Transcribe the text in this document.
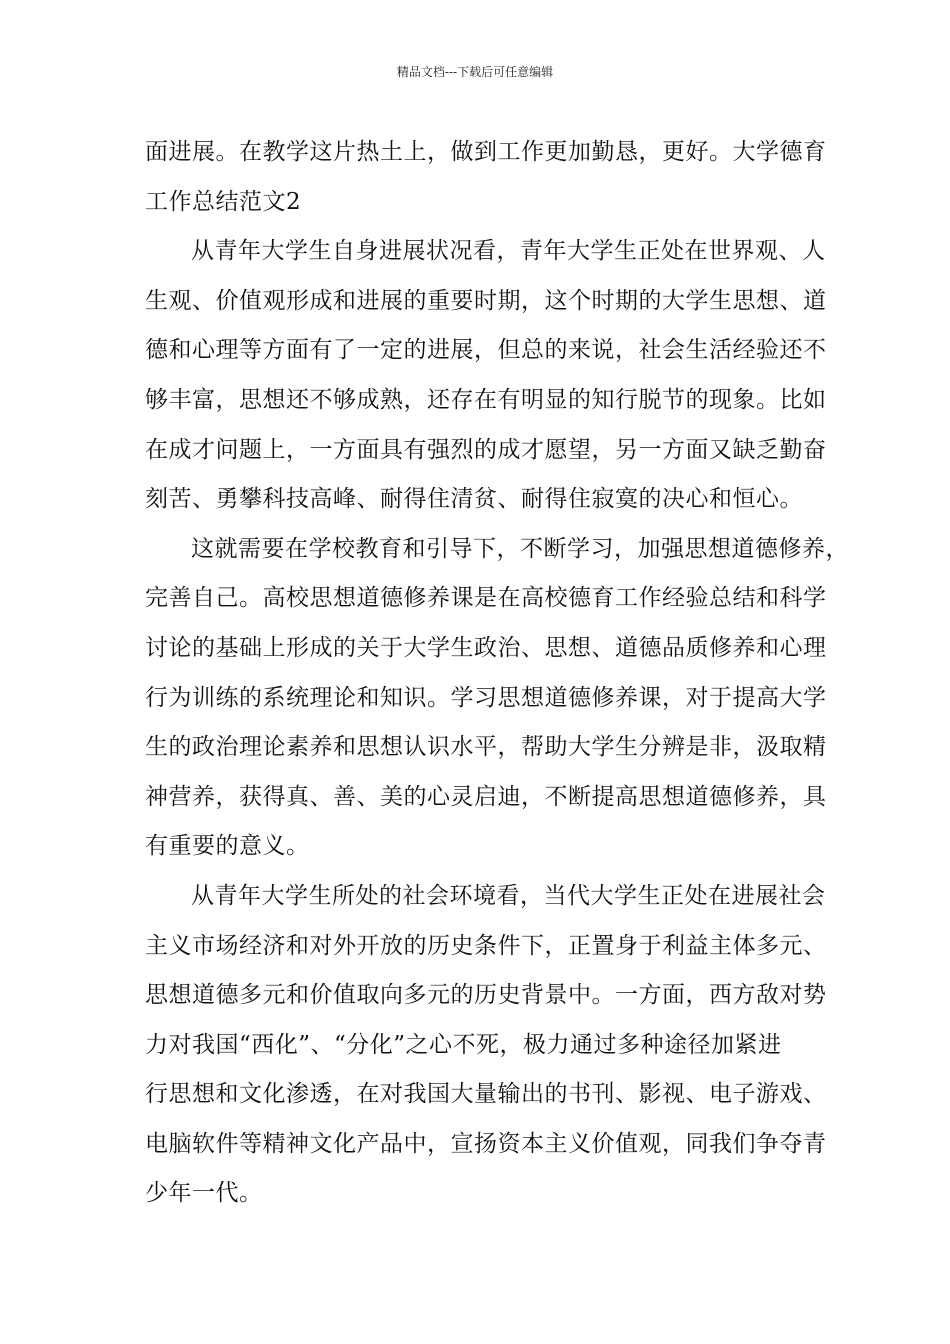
精品文档---下载后可任意编辑
面进展。在教学这片热土上，做到工作更加勤恳，更好。大学德育
工作总结范文2
从青年大学生自身进展状况看，青年大学生正处在世界观、人
生观、价值观形成和进展的重要时期，这个时期的大学生思想、道
德和心理等方面有了一定的进展，但总的来说，社会生活经验还不
够丰富，思想还不够成熟，还存在有明显的知行脱节的现象。比如
在成才问题上，一方面具有强烈的成才愿望，另一方面又缺乏勤奋
刻苦、勇攀科技高峰、耐得住清贫、耐得住寂寞的决心和恒心。
这就需要在学校教育和引导下，不断学习，加强思想道德修养，
完善自己。高校思想道德修养课是在高校德育工作经验总结和科学
讨论的基础上形成的关于大学生政治、思想、道德品质修养和心理
行为训练的系统理论和知识。学习思想道德修养课，对于提高大学
生的政治理论素养和思想认识水平，帮助大学生分辨是非，汲取精
神营养，获得真、善、美的心灵启迪，不断提高思想道德修养，具
有重要的意义。
从青年大学生所处的社会环境看，当代大学生正处在进展社会
主义市场经济和对外开放的历史条件下，正置身于利益主体多元、
思想道德多元和价值取向多元的历史背景中。一方面，西方敌对势
力对我国“西化”、“分化”之心不死，极力通过多种途径加紧进
行思想和文化渗透，在对我国大量输出的书刊、影视、电子游戏、
电脑软件等精神文化产品中，宣扬资本主义价值观，同我们争夺青
少年一代。
